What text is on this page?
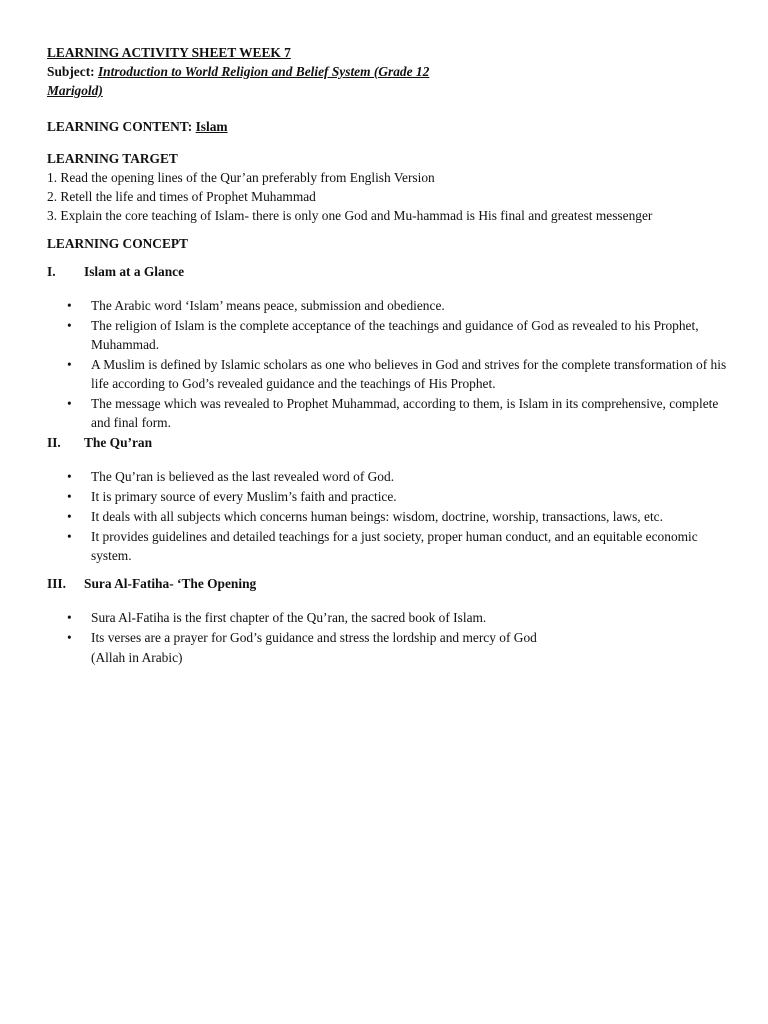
LEARNING ACTIVITY SHEET WEEK 7
Subject: Introduction to World Religion and Belief System (Grade 12
Marigold)
LEARNING CONTENT: Islam
LEARNING TARGET
1. Read the opening lines of the Qur’an preferably from English Version
2. Retell the life and times of Prophet Muhammad
3. Explain the core teaching of Islam- there is only one God and Mu-hammad is His final and greatest messenger
LEARNING CONCEPT
I.	Islam at a Glance
• The Arabic word ‘Islam’ means peace, submission and obedience.
• The religion of Islam is the complete acceptance of the teachings and guidance of God as revealed to his Prophet, Muhammad.
• A Muslim is defined by Islamic scholars as one who believes in God and strives for the complete transformation of his life according to God’s revealed guidance and the teachings of His Prophet.
• The message which was revealed to Prophet Muhammad, according to them, is Islam in its comprehensive, complete and final form.
II.	The Qu’ran
• The Qu’ran is believed as the last revealed word of God.
• It is primary source of every Muslim’s faith and practice.
• It deals with all subjects which concerns human beings: wisdom, doctrine, worship, transactions, laws, etc.
• It provides guidelines and detailed teachings for a just society, proper human conduct, and an equitable economic system.
III.	Sura Al-Fatiha- ‘The Opening
• Sura Al-Fatiha is the first chapter of the Qu’ran, the sacred book of Islam.
• Its verses are a prayer for God’s guidance and stress the lordship and mercy of God
(Allah in Arabic)
